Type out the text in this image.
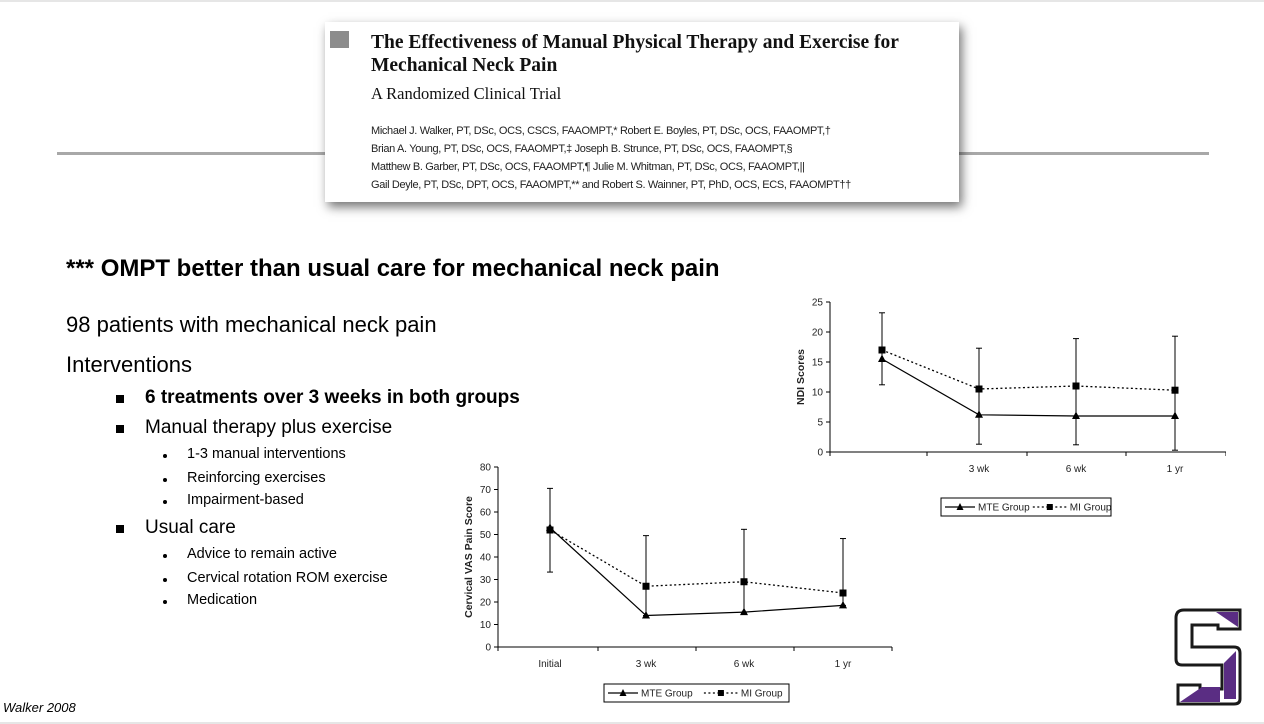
The Effectiveness of Manual Physical Therapy and Exercise for Mechanical Neck Pain
A Randomized Clinical Trial
Michael J. Walker, PT, DSc, OCS, CSCS, FAAOMPT,* Robert E. Boyles, PT, DSc, OCS, FAAOMPT,†
Brian A. Young, PT, DSc, OCS, FAAOMPT,‡ Joseph B. Strunce, PT, DSc, OCS, FAAOMPT,§
Matthew B. Garber, PT, DSc, OCS, FAAOMPT,¶ Julie M. Whitman, PT, DSc, OCS, FAAOMPT,||
Gail Deyle, PT, DSc, DPT, OCS, FAAOMPT,** and Robert S. Wainner, PT, PhD, OCS, ECS, FAAOMPT††
*** OMPT better than usual care for mechanical neck pain
98 patients with mechanical neck pain
Interventions
6 treatments over 3 weeks in both groups
Manual therapy plus exercise
1-3 manual interventions
Reinforcing exercises
Impairment-based
Usual care
Advice to remain active
Cervical rotation ROM exercise
Medication
0
5
10
15
20
25
Initial	3 wk	6 wk	1 yr
NDI Scores
MTE Group	MI Group
0
10
20
30
40
50
60
70
80
Initial	3 wk	6 wk	1 yr
Cervical VAS Pain Score
MTE Group	MI Group
Walker 2008
